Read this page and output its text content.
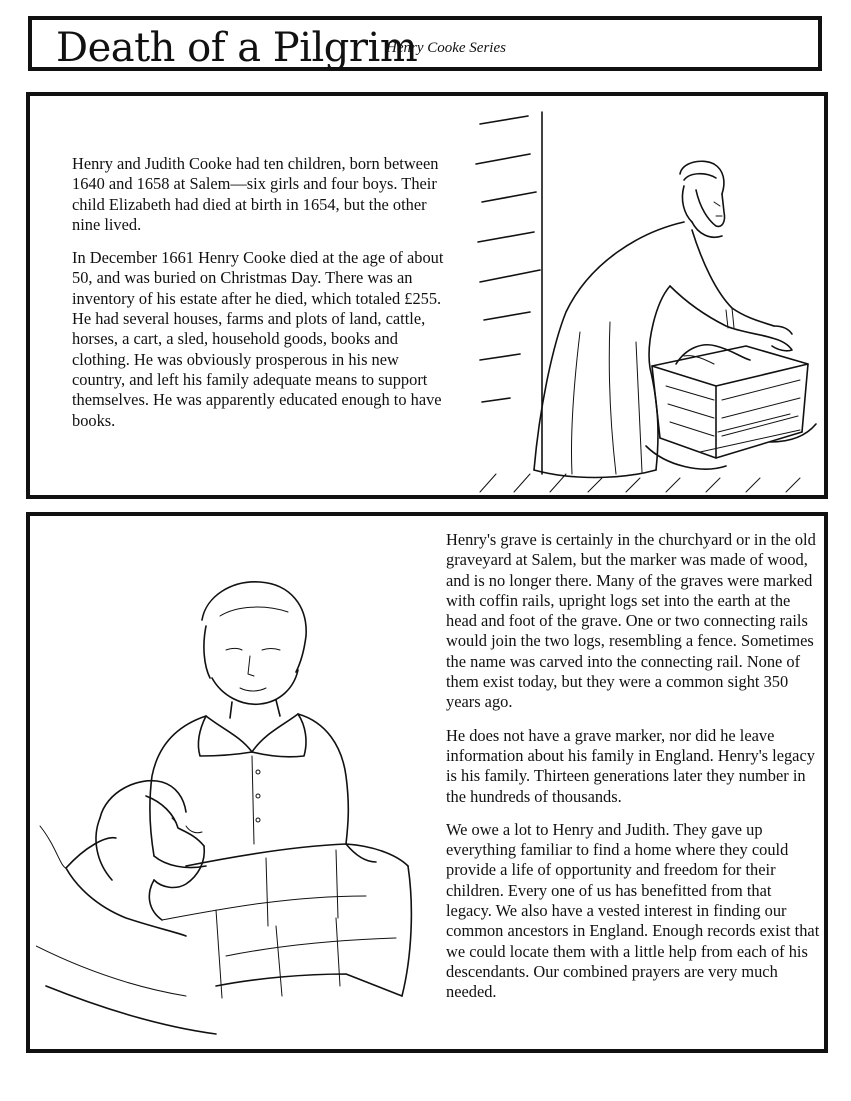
Death of a Pilgrim
Henry Cooke Series

Henry and Judith Cooke had ten children, born between 1640 and 1658 at Salem—six girls and four boys. Their child Elizabeth had died at birth in 1654, but the other nine lived.

In December 1661 Henry Cooke died at the age of about 50, and was buried on Christmas Day. There was an inventory of his estate after he died, which totaled £255. He had several houses, farms and plots of land, cattle, horses, a cart, a sled, household goods, books and clothing. He was obviously prosperous in his new country, and left his family adequate means to support themselves. He was apparently educated enough to have books.

Henry's grave is certainly in the churchyard or in the old graveyard at Salem, but the marker was made of wood, and is no longer there. Many of the graves were marked with coffin rails, upright logs set into the earth at the head and foot of the grave. One or two connecting rails would join the two logs, resembling a fence. Sometimes the name was carved into the connecting rail. None of them exist today, but they were a common sight 350 years ago.

He does not have a grave marker, nor did he leave information about his family in England. Henry's legacy is his family. Thirteen generations later they number in the hundreds of thousands.

We owe a lot to Henry and Judith. They gave up everything familiar to find a home where they could provide a life of opportunity and freedom for their children. Every one of us has benefitted from that legacy. We also have a vested interest in finding our common ancestors in England. Enough records exist that we could locate them with a little help from each of his descendants. Our combined prayers are very much needed.
